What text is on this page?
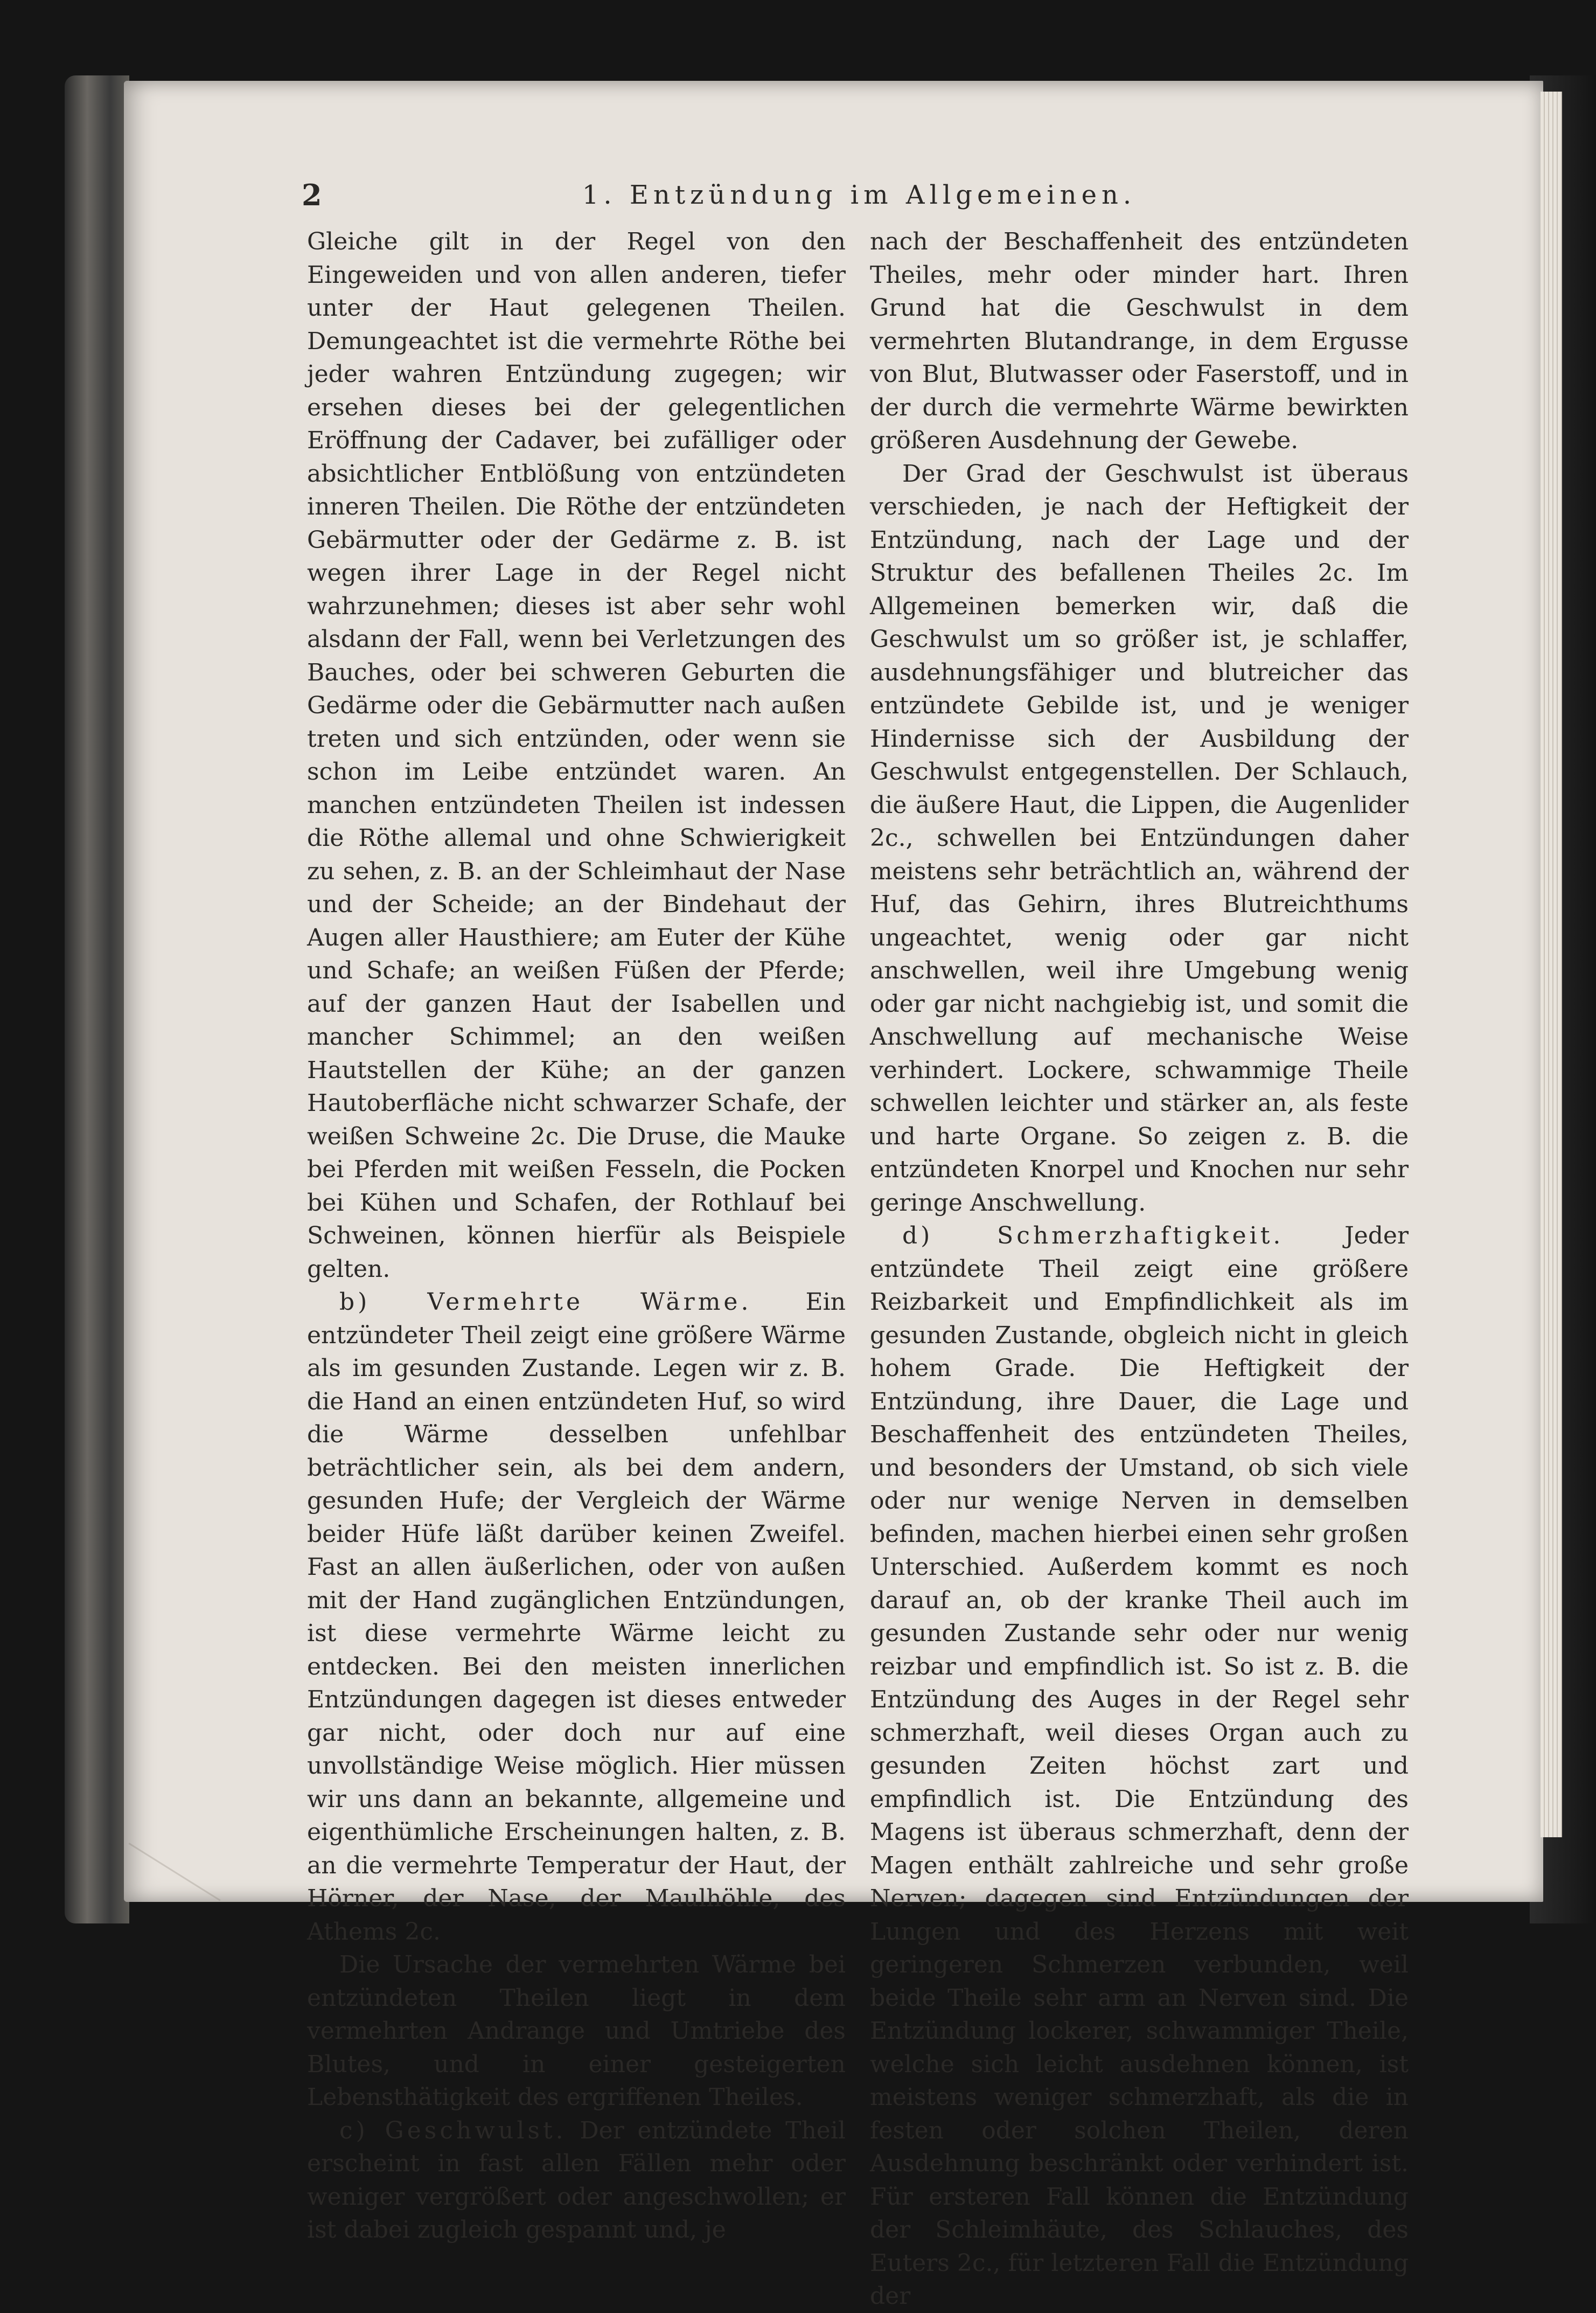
2	1. Entzündung im Allgemeinen.

Gleiche gilt in der Regel von den Eingeweiden und von allen anderen, tiefer unter der Haut gelegenen Theilen. Demungeachtet ist die vermehrte Röthe bei jeder wahren Entzündung zugegen; wir ersehen dieses bei der gelegentlichen Eröffnung der Cadaver, bei zufälliger oder absichtlicher Entblößung von entzündeten inneren Theilen. Die Röthe der entzündeten Gebärmutter oder der Gedärme z. B. ist wegen ihrer Lage in der Regel nicht wahrzunehmen; dieses ist aber sehr wohl alsdann der Fall, wenn bei Verletzungen des Bauches, oder bei schweren Geburten die Gedärme oder die Gebärmutter nach außen treten und sich entzünden, oder wenn sie schon im Leibe entzündet waren. An manchen entzündeten Theilen ist indessen die Röthe allemal und ohne Schwierigkeit zu sehen, z. B. an der Schleimhaut der Nase und der Scheide; an der Bindehaut der Augen aller Hausthiere; am Euter der Kühe und Schafe; an weißen Füßen der Pferde; auf der ganzen Haut der Isabellen und mancher Schimmel; an den weißen Hautstellen der Kühe; an der ganzen Hautoberfläche nicht schwarzer Schafe, der weißen Schweine 2c. Die Druse, die Mauke bei Pferden mit weißen Fesseln, die Pocken bei Kühen und Schafen, der Rothlauf bei Schweinen, können hierfür als Beispiele gelten.

b) Vermehrte Wärme. Ein entzündeter Theil zeigt eine größere Wärme als im gesunden Zustande. Legen wir z. B. die Hand an einen entzündeten Huf, so wird die Wärme desselben unfehlbar beträchtlicher sein, als bei dem andern, gesunden Hufe; der Vergleich der Wärme beider Hüfe läßt darüber keinen Zweifel. Fast an allen äußerlichen, oder von außen mit der Hand zugänglichen Entzündungen, ist diese vermehrte Wärme leicht zu entdecken. Bei den meisten innerlichen Entzündungen dagegen ist dieses entweder gar nicht, oder doch nur auf eine unvollständige Weise möglich. Hier müssen wir uns dann an bekannte, allgemeine und eigenthümliche Erscheinungen halten, z. B. an die vermehrte Temperatur der Haut, der Hörner, der Nase, der Maulhöhle, des Athems 2c.

Die Ursache der vermehrten Wärme bei entzündeten Theilen liegt in dem vermehrten Andrange und Umtriebe des Blutes, und in einer gesteigerten Lebensthätigkeit des ergriffenen Theiles.

c) Geschwulst. Der entzündete Theil erscheint in fast allen Fällen mehr oder weniger vergrößert oder angeschwollen; er ist dabei zugleich gespannt und, je

nach der Beschaffenheit des entzündeten Theiles, mehr oder minder hart. Ihren Grund hat die Geschwulst in dem vermehrten Blutandrange, in dem Ergusse von Blut, Blutwasser oder Faserstoff, und in der durch die vermehrte Wärme bewirkten größeren Ausdehnung der Gewebe.

Der Grad der Geschwulst ist überaus verschieden, je nach der Heftigkeit der Entzündung, nach der Lage und der Struktur des befallenen Theiles 2c. Im Allgemeinen bemerken wir, daß die Geschwulst um so größer ist, je schlaffer, ausdehnungsfähiger und blutreicher das entzündete Gebilde ist, und je weniger Hindernisse sich der Ausbildung der Geschwulst entgegenstellen. Der Schlauch, die äußere Haut, die Lippen, die Augenlider 2c., schwellen bei Entzündungen daher meistens sehr beträchtlich an, während der Huf, das Gehirn, ihres Blutreichthums ungeachtet, wenig oder gar nicht anschwellen, weil ihre Umgebung wenig oder gar nicht nachgiebig ist, und somit die Anschwellung auf mechanische Weise verhindert. Lockere, schwammige Theile schwellen leichter und stärker an, als feste und harte Organe. So zeigen z. B. die entzündeten Knorpel und Knochen nur sehr geringe Anschwellung.

d) Schmerzhaftigkeit. Jeder entzündete Theil zeigt eine größere Reizbarkeit und Empfindlichkeit als im gesunden Zustande, obgleich nicht in gleich hohem Grade. Die Heftigkeit der Entzündung, ihre Dauer, die Lage und Beschaffenheit des entzündeten Theiles, und besonders der Umstand, ob sich viele oder nur wenige Nerven in demselben befinden, machen hierbei einen sehr großen Unterschied. Außerdem kommt es noch darauf an, ob der kranke Theil auch im gesunden Zustande sehr oder nur wenig reizbar und empfindlich ist. So ist z. B. die Entzündung des Auges in der Regel sehr schmerzhaft, weil dieses Organ auch zu gesunden Zeiten höchst zart und empfindlich ist. Die Entzündung des Magens ist überaus schmerzhaft, denn der Magen enthält zahlreiche und sehr große Nerven; dagegen sind Entzündungen der Lungen und des Herzens mit weit geringeren Schmerzen verbunden, weil beide Theile sehr arm an Nerven sind. Die Entzündung lockerer, schwammiger Theile, welche sich leicht ausdehnen können, ist meistens weniger schmerzhaft, als die in festen oder solchen Theilen, deren Ausdehnung beschränkt oder verhindert ist. Für ersteren Fall können die Entzündung der Schleimhäute, des Schlauches, des Euters 2c., für letzteren Fall die Entzündung der
